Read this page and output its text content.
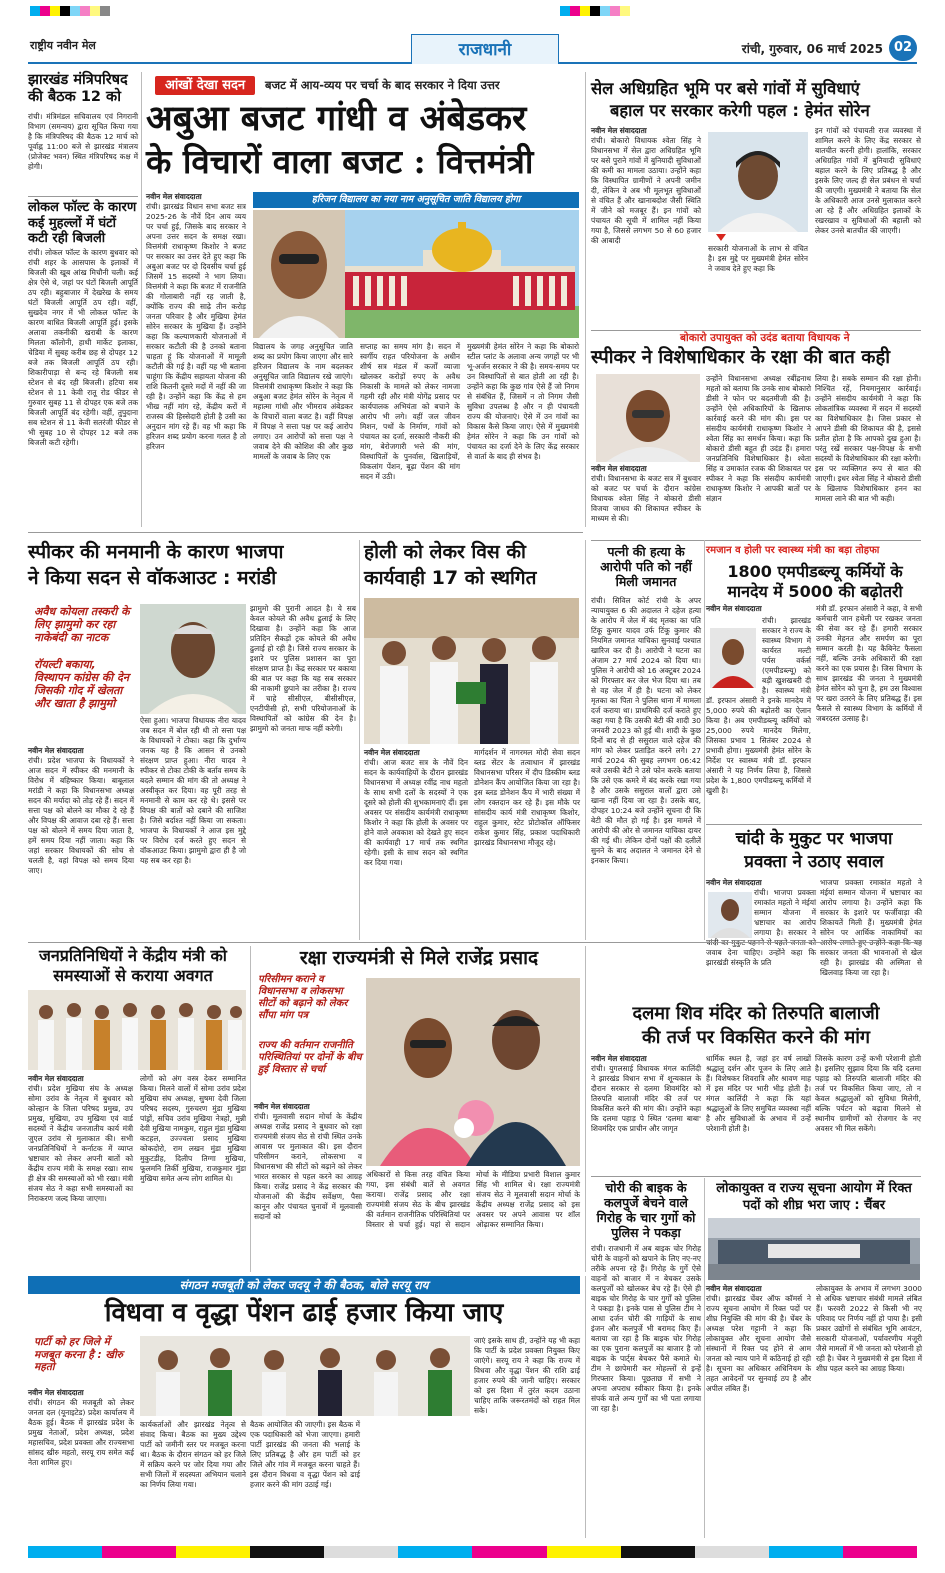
राष्ट्रीय नवीन मेल	राजधानी	रांची, गुरुवार, 06 मार्च 2025 02
झारखंड मंत्रिपरिषद की बैठक 12 को
रांची। मंत्रिमंडल सचिवालय एवं निगरानी विभाग (समन्वय) द्वारा सूचित किया गया है कि मंत्रिपरिषद की बैठक 12 मार्च को पूर्वाह्न 11:00 बजे से झारखंड मंत्रालय (प्रोजेक्ट भवन) स्थित मंत्रिपरिषद कक्ष में होगी।
लोकल फॉल्ट के कारण कई मुहल्लों में घंटों कटी रही बिजली
रांची। लोकल फॉल्ट के कारण बुधवार को रांची शहर के आसपास के इलाकों में बिजली की खूब आंख मिचौनी चली। कई क्षेत्र ऐसे थे, जहां पर घंटों बिजली आपूर्ति ठप रही। बहुबाजार में देखरेख के समय घंटों बिजली आपूर्ति ठप रही। वहीं, सुखदेव नगर में भी लोकल फॉल्ट के कारण बाधित बिजली आपूर्ति हुई। इसके अलावा तकनीकी खराबी के कारण मिलता कॉलोनी, हाथी मार्केट इलाका, चेडिया में सुबह करीब छह से दोपहर 12 बजे तक बिजली आपूर्ति ठप रही। शिकारीपाड़ा से बन्द रहे बिजली सब स्टेशन से बंद रही बिजली। हटिया सब स्टेशन से 11 केवी रातू रोड फीडर से गुरुवार सुबह 11 से दोपहर एक बजे तक बिजली आपूर्ति बंद रहेगी। वहीं, तुपुदाना सब स्टेशन से 11 केवी सतरंजी फीडर से भी सुबह 10 से दोपहर 12 बजे तक बिजली कटी रहेगी।
आंखों देखा सदन	बजट में आय-व्यय पर चर्चा के बाद सरकार ने दिया उत्तर
अबुआ बजट गांधी व अंबेडकर
के विचारों वाला बजट : वित्तमंत्री
नवीन मेल संवाददाता
रांची। झारखंड विधान सभा बजट सत्र 2025-26 के नौवें दिन आय व्यय पर चर्चा हुई, जिसके बाद सरकार ने अपना उत्तर सदन के समक्ष रखा। वित्तमंत्री राधाकृष्ण किशोर ने बजट पर सरकार का उत्तर देते हुए कहा कि अबुआ बजट पर दो दिवसीय चर्चा हुई जिसमें 15 सदस्यों ने भाग लिया। वित्तमंत्री ने कहा कि बजट में राजनीति की गोलाबारी नहीं रह जाती है, क्योंकि राज्य की साढ़े तीन करोड़ जनता परिवार है और मुखिया हेमंत सोरेन सरकार के मुखिया हैं। उन्होंने कहा कि कल्याणकारी योजनाओं में सरकार कटौती की है उनको बताना चाहता हूं कि योजनाओं में मामूली कटौती की गई है। वहीं यह भी बताना चाहूंगा कि केंद्रीय सहायता योजना की राशि कितनी दूसरे मदों में नहीं की जा रही है। उन्होंने कहा कि केंद्र से हम भीख नहीं मांग रहे, केंद्रीय करों में राजस्व की हिस्सेदारी होती है उसी का अनुदान मांग रहे हैं। वह भी कहा कि हरिजन शब्द प्रयोग करना गलत है तो हरिजन
हरिजन विद्यालय का नया नाम अनुसूचित जाति विद्यालय होगा
विद्यालय के जगह अनुसूचित जाति शब्द का प्रयोग किया जाएगा और सारे हरिजन विद्यालय के नाम बदलकर अनुसूचित जाति विद्यालय रखे जाएंगे। वित्तमंत्री राधाकृष्ण किशोर ने कहा कि अबुआ बजट हेमंत सोरेन के नेतृत्व में महात्मा गांधी और भीमराव अंबेडकर के विचारों वाला बजट है। वहीं विपक्ष में विपक्ष ने सत्ता पक्ष पर कई आरोप लगाए। उन आरोपों को सत्ता पक्ष ने जवाब देने की कोशिश की और कुछ मामलों के जवाब के लिए एक
सप्ताह का समय मांग है। सदन में स्वर्गीय राहत परियोजना के अधीन शीर्ष सत्र मंडल में कर्जों व्याजा खोलकर करोड़ों रुपए के अवैध निकासी के मामले को लेकर नामजा गहमी रही और मंत्री योगेंद्र प्रसाद पर कार्यपालक अभियंता को बचाने के आरोप भी लगे। वहीं जल जीवन मिशन, पथों के निर्माण, गांवों को पंचायत का दर्जा, सरकारी नौकरी की मांग, बेरोजगारी भत्ते की मांग, विस्थापितों के पुनर्वास, खिलाड़ियों, विकलांग पेंशन, बूढ़ा पेंशन की मांग सदन में उठी।
मुख्यमंत्री हेमंत सोरेन ने कहा कि बोकारो स्टील प्लांट के अलावा अन्य जगहों पर भी भू-अर्जन सरकार ने की है। समय-समय पर उन विस्थापितों से बात होती आ रही है। उन्होंने कहा कि कुछ गांव ऐसे हैं जो निगम से संबंधित हैं, जिसमें न तो निगम जैसी सुविधा उपलब्ध है और न ही पंचायती राज्य की योजनाएं। ऐसे में उन गांवों का विकास कैसे किया जाए। ऐसे में मुख्यमंत्री हेमंत सोरेन ने कहा कि उन गांवों को पंचायत का दर्जा देने के लिए केंद्र सरकार से वार्ता के बाद ही संभव है।
सेल अधिग्रहित भूमि पर बसे गांवों में सुविधाएं
बहाल पर सरकार करेगी पहल : हेमंत सोरेन
नवीन मेल संवाददाता
रांची। बोकारो विधायक श्वेता सिंह ने विधानसभा में सेल द्वारा अधिग्रहित भूमि पर बसे पुराने गांवों में बुनियादी सुविधाओं की कमी का मामला उठाया। उन्होंने कहा कि विस्थापित ग्रामीणों ने अपनी जमीन दी, लेकिन वे अब भी मूलभूत सुविधाओं से वंचित हैं और खानाबदोश जैसी स्थिति में जीने को मजबूर हैं। इन गांवों को पंचायत की सूची में शामिल नहीं किया गया है, जिससे लगभग 50 से 60 हजार की आबादी
सरकारी योजनाओं के लाभ से वंचित है। इस मुद्दे पर मुख्यमंत्री हेमंत सोरेन ने जवाब देते हुए कहा कि
इन गांवों को पंचायती राज व्यवस्था में शामिल करने के लिए केंद्र सरकार से बातचीत करनी होगी। हालांकि, सरकार अधिग्रहित गांवों में बुनियादी सुविधाएं बहाल करने के लिए प्रतिबद्ध है और इसके लिए जल्द ही सेल प्रबंधन से चर्चा की जाएगी। मुख्यमंत्री ने बताया कि सेल के अधिकारी आज उनसे मुलाकात करने आ रहे हैं और अधिग्रहित इलाकों के रखरखाव व सुविधाओं की बहाली को लेकर उनसे बातचीत की जाएगी।
बोकारो उपायुक्त को उदंड बताया विधायक ने
स्पीकर ने विशेषाधिकार के रक्षा की बात कही
नवीन मेल संवाददाता
रांची। विधानसभा के बजट सत्र में बुधवार को बजट पर चर्चा के दौरान कांग्रेस विधायक श्वेता सिंह ने बोकारो डीसी विजया जाधव की शिकायत स्पीकर के माध्यम से की।
उन्होंने विधानसभा अध्यक्ष रबींद्रनाथ महतो को बताया कि उनके साथ बोकारो डीसी ने फोन पर बदतमीजी की है। उन्होंने ऐसे अधिकारियों के खिलाफ कार्रवाई करने की मांग की। इस पर संसदीय कार्यमंत्री राधाकृष्ण किशोर ने श्वेता सिंह का समर्थन किया। कहा कि बोकारो डीसी बहुत ही उदंड हैं। हमारा जनप्रतिनिधि विशेषाधिकार है। श्वेता सिंह व उमाकांत रजक की शिकायत पर स्पीकर ने कहा कि संसदीय कार्यमंत्री राधाकृष्ण किशोर ने आपकी बातों पर संज्ञान
लिया है। सबके सम्मान की रक्षा होनी। निश्चित रहें, नियमानुसार कार्रवाई। उन्होंने संसदीय कार्यमंत्री ने कहा कि लोकतांत्रिक व्यवस्था में सदन में सदस्यों का विशेषाधिकार है। जिस प्रकार से आपने डीसी की शिकायत की है, इससे प्रतीत होता है कि आपको दुख हुआ है। परंतु रखें सरकार पक्ष-विपक्ष के सभी सदस्यों के विशेषाधिकार की रक्षा करेगी। इस पर व्यक्तिगत रूप से बात की जाएगी। इधर श्वेता सिंह ने बोकारो डीसी के खिलाफ विशेषाधिकार हनन का मामला लाने की बात भी कही।
स्पीकर की मनमानी के कारण भाजपा
ने किया सदन से वॉकआउट : मरांडी
अवैध कोयला तस्करी के लिए झामुमो कर रहा नाकेबंदी का नाटक
रॉयल्टी बकाया, विस्थापन कांग्रेस की देन जिसकी गोद में खेलता और खाता है झामुमो
नवीन मेल संवाददाता
रांची। प्रदेश भाजपा के विधायकों ने आज सदन में स्पीकर की मनमानी के विरोध में बहिष्कार किया। बाबूलाल मरांडी ने कहा कि विधानसभा अध्यक्ष सदन की मर्यादा को तोड़ रहे हैं। सदन में सत्ता पक्ष को बोलने का मौका दे रहे हैं और विपक्ष की आवाज दबा रहे हैं। सत्ता पक्ष को बोलने में समय दिया जाता है, हमें समय दिया नहीं जाता। कहा कि जहां सरकार विधायकों की सोच से चलती है, वहां विपक्ष को समय दिया जाए।
ऐसा हुआ। भाजपा विधायक नीरा यादव जब सदन में बोल रही थी तो सत्ता पक्ष के विधायकों ने टोका। कहा कि दुर्भाग्य जनक यह है कि आसन से उनको संरक्षण प्राप्त हुआ। नीरा यादव ने स्पीकर से टोका टोकी के बर्ताव समय के बदले सम्मान की मांग की तो अध्यक्ष ने अस्वीकृत कर दिया। वह पूरी तरह से मनमानी से काम कर रहे थे। इससे पर विपक्ष की बातों को दबाने की साजिश है। जिसे बर्दाश्त नहीं किया जा सकता। भाजपा के विधायकों ने आज इस मुद्दे पर विरोध दर्ज करते हुए सदन से वॉकआउट किया। झामुमो द्वारा ही है जो यह सब कर रहा है।
झामुमो की पुरानी आदत है। ये सब केवल कोयले की अवैध ढुलाई के लिए दिखावा है। उन्होंने कहा कि आज प्रतिदिन सैकड़ों ट्रक कोयले की अवैध ढुलाई हो रही है। जिसे राज्य सरकार के इशारे पर पुलिस प्रशासन का पूरा संरक्षण प्राप्त है। केंद्र सरकार पर बकाया की बात पर कहा कि यह सब सरकार की नाकामी छुपाने का तरीका है। राज्य में चाहे सीसीएल, बीसीसीएल, एनटीपीसी हो, सभी परियोजनाओं के विस्थापितों को कांग्रेस की देन है। झामुमो को जनता माफ नहीं करेगी।
होली को लेकर विस की
कार्यवाही 17 को स्थगित
नवीन मेल संवाददाता
रांची। आज बजट सत्र के नौवें दिन सदन के कार्यवाहियों के दौरान झारखंड विधानसभा में अध्यक्ष रवींद्र नाथ महतो के साथ सभी दलों के सदस्यों ने एक दूसरे को होली की शुभकामनाएं दीं। इस अवसर पर संसदीय कार्यमंत्री राधाकृष्ण किशोर ने कहा कि होली के अवसर पर होने वाले अवकाश को देखते हुए सदन की कार्यवाही 17 मार्च तक स्थगित रहेगी। इसी के साथ सदन को स्थगित कर दिया गया।
मार्गदर्शन में नागरमल मोदी सेवा सदन ब्लड सेंटर के तत्वाधान में झारखंड विधानसभा परिसर में दीप डिस्कीम ब्लड डोनेशन कैंप आयोजित किया जा रहा है। इस ब्लड डोनेशन कैंप में भारी संख्या में लोग रक्तदान कर रहे हैं। इस मौके पर सांसदीय कार्य मंत्री राधाकृष्ण किशोर, राहुल कुमार, स्टेट प्रोटोकॉल ऑफिसर राकेश कुमार सिंह, प्रकाश पदाधिकारी झारखंड विधानसभा मौजूद रहे।
पत्नी की हत्या के आरोपी पति को नहीं मिली जमानत
रांची। सिविल कोर्ट रांची के अपर न्यायायुक्त 6 की अदालत ने दहेज हत्या के आरोप में जेल में बंद मृतका का पति टिंकू कुमार यादव उर्फ टिंकू कुमार की नियमित जमानत याचिका सुनवाई पश्चात खारिज कर दी है। आरोपी ने घटना का अंजाम 27 मार्च 2024 को दिया था। पुलिस ने आरोपी को 16 अक्टूबर 2024 को गिरफ्तार कर जेल भेज दिया था। तब से वह जेल में ही है। घटना को लेकर मृतका का पिता ने पुलिस थाना में मामला दर्ज कराया था। प्राथमिकी दर्ज कराते हुए कहा गया है कि उसकी बेटी की शादी 30 जनवरी 2023 को हुई थी। शादी के कुछ दिनों बाद से ही ससुराल वाले दहेज की मांग को लेकर प्रताड़ित करने लगे। 27 मार्च 2024 की सुबह लगभग 06:42 बजे उसकी बेटी ने उसे फोन करके बताया कि उसे एक कमरे में बंद करके रखा गया है और उसके ससुराल वालों द्वारा उसे खाना नहीं दिया जा रहा है। उसके बाद, दोपहर 10:24 बजे उन्होंने सूचना दी कि बेटी की मौत हो गई है। इस मामले में आरोपी की ओर से जमानत याचिका दायर की गई थी। लेकिन दोनों पक्षों की दलीलें सुनने के बाद अदालत ने जमानत देने से इनकार किया।
रमजान व होली पर स्वास्थ्य मंत्री का बड़ा तोहफा
1800 एमपीडब्ल्यू कर्मियों के मानदेय में 5000 की बढ़ोतरी
नवीन मेल संवाददाता
रांची। झारखंड सरकार ने राज्य के स्वास्थ्य विभाग में कार्यरत मल्टी पर्पस वर्कर्स (एमपीडब्ल्यू) को बड़ी खुशखबरी दी है। स्वास्थ्य मंत्री डॉ. इरफान अंसारी ने इनके मानदेय में 5,000 रुपये की बढ़ोतरी का ऐलान किया है। अब एमपीडब्ल्यू कर्मियों को 25,000 रुपये मानदेय मिलेगा, जिसका प्रभाव 1 सितंबर 2024 से प्रभावी होगा। मुख्यमंत्री हेमंत सोरेन के निर्देश पर स्वास्थ्य मंत्री डॉ. इरफान अंसारी ने यह निर्णय लिया है, जिससे प्रदेश के 1,800 एमपीडब्ल्यू कर्मियों में खुशी है।
मंत्री डॉ. इरफान अंसारी ने कहा, वे सभी कर्मचारी जान हथेली पर रखकर जनता की सेवा कर रहे हैं। हमारी सरकार उनकी मेहनत और समर्पण का पूरा सम्मान करती है। यह कैबिनेट फैसला नहीं, बल्कि उनके अधिकारों की रक्षा करने का एक प्रयास है। जिस विभाग के साथ झारखंड की जनता ने मुख्यमंत्री हेमंत सोरेन को चुना है, हम उस विश्वास पर खरा उतरने के लिए प्रतिबद्ध हैं। इस फैसले से स्वास्थ्य विभाग के कर्मियों में जबरदस्त उत्साह है।
चांदी के मुकुट पर भाजपा
प्रवक्ता ने उठाए सवाल
नवीन मेल संवाददाता
रांची। भाजपा प्रवक्ता रमाकांत महतो ने मंईयां सम्मान योजना में भ्रष्टाचार का आरोप लगाया है। सरकार ने जवाब देना चाहिए। उन्होंने कहा कि झारखंडी संस्कृति के प्रति
भाजपा प्रवक्ता रमाकांत महतो ने मंईयां सम्मान योजना में भ्रष्टाचार का आरोप लगाया है। उन्होंने कहा कि सरकार के इशारे पर फर्जीवाड़ा की शिकायतें मिली हैं। मुख्यमंत्री हेमंत सोरेन पर आर्थिक नाकामियों का सरकार जनता की भावनाओं से खेल रही है। झारखंड की अस्मिता से खिलवाड़ किया जा रहा है।
जनप्रतिनिधियों ने केंद्रीय मंत्री को समस्याओं से कराया अवगत
नवीन मेल संवाददाता
रांची। प्रदेश मुखिया संघ के अध्यक्ष सोमा उरांव के नेतृत्व में बुधवार को कोल्हान के जिला परिषद प्रमुख, उप प्रमुख, मुखिया, उप मुखिया एवं वार्ड सदस्यों ने केंद्रीय जनजातीय कार्य मंत्री जुएल उरांव से मुलाकात की। सभी जनप्रतिनिधियों ने कर्नाटक में व्याप्त भ्रष्टाचार को लेकर अपनी बातों को केंद्रीय राज्य मंत्री के समक्ष रखा। साथ ही क्षेत्र की समस्याओं को भी रखा। मंत्री संजय सेठ ने कहा सभी समस्याओं का निराकरण जल्द किया जाएगा।
लोगों को अंग वस्त्र देकर सम्मानित किया। मिलने वालों में सोमा उरांव प्रदेश मुखिया संघ अध्यक्ष, सुषमा देवी जिला परिषद सदस्य, गुरुचरण मुंडा मुखिया पांड्रों, सचिव उरांव मुखिया नेत्रहो, मुन्नी देवी मुखिया नामकुम, राहुल मुंडा मुखिया कटहल, उज्ज्वला प्रसाद मुखिया कोकदोरो, राम लखन मुंडा मुखिया मुकुटडीह, दिलीप तिग्गा मुखिया, फूलमनि तिर्की मुखिया, राजकुमार मुंडा मुखिया समेत अन्य लोग शामिल थे।
रक्षा राज्यमंत्री से मिले राजेंद्र प्रसाद
परिसीमन कराने व विधानसभा व लोकसभा सीटों को बढ़ाने को लेकर सौंपा मांग पत्र
राज्य की वर्तमान राजनीति परिस्थितियां पर दोनों के बीच हुई विस्तार से चर्चा
नवीन मेल संवाददाता
रांची। मूलवासी सदान मोर्चा के केंद्रीय अध्यक्ष राजेंद्र प्रसाद ने बुधवार को रक्षा राज्यमंत्री संजय सेठ से रांची स्थित उनके आवास पर मुलाकात की। इस दौरान परिसीमन कराने, लोकसभा व विधानसभा की सीटों को बढ़ाने को लेकर भारत सरकार से पहल करने का आग्रह किया। राजेंद्र प्रसाद ने केंद्र सरकार की योजनाओं की केंद्रीय सर्वेक्षण, पैसा कानून और पंचायत चुनावों में मूलवासी सदानों को
अधिकारों से किस तरह वंचित किया गया, इस संबंधी बातें से अवगत कराया। राजेंद्र प्रसाद और रक्षा राज्यमंत्री संजय सेठ के बीच झारखंड की वर्तमान राजनीतिक परिस्थितियां पर विस्तार से चर्चा हुई। यहां से सदान मोर्चा के मीडिया प्रभारी विशाल कुमार सिंह भी शामिल थे। रक्षा राज्यमंत्री संजय सेठ ने मूलवासी सदान मोर्चा के केंद्रीय अध्यक्ष राजेंद्र प्रसाद को इस अवसर पर अपने आवास पर शॉल ओढ़ाकर सम्मानित किया।
दलमा शिव मंदिर को तिरुपति बालाजी
की तर्ज पर विकसित करने की मांग
नवीन मेल संवाददाता
रांची। युगलसाई विधायक मंगल कालिंदी ने झारखंड विधान सभा में शून्यकाल के दौरान सरकार से दलमा शिवमंदिर को तिरुपति बालाजी मंदिर की तर्ज पर विकसित करने की मांग की। उन्होंने कहा कि दलमा पहाड़ पे स्थित 'दलमा बाबा' शिवमंदिर एक प्राचीन और जागृत
धार्मिक स्थल है, जहां हर वर्ष लाखों श्रद्धालु दर्शन और पूजन के लिए आते हैं। विशेषकर शिवरात्रि और श्रावण माह में इस मंदिर पर भारी भीड़ होती है। मंगल कालिंदी ने कहा कि यहां श्रद्धालुओं के लिए समुचित व्यवस्था नहीं है और सुविधाओं के अभाव में उन्हें परेशानी होती है।
जिसके कारण उन्हें कभी परेशानी होती है। इसलिए सुझाव दिया कि यदि दलमा पहाड़ को तिरुपति बालाजी मंदिर की तर्ज पर विकसित किया जाए, तो न केवल श्रद्धालुओं को सुविधा मिलेगी, बल्कि पर्यटन को बढ़ावा मिलने से स्थानीय ग्रामीणों को रोजगार के नए अवसर भी मिल सकेंगे।
चोरी की बाइक के कलपुर्जे बेचने वाले गिरोह के चार गुर्गो को पुलिस ने पकड़ा
रांची। राजधानी में अब बाइक चोर गिरोह चोरी के वाहनों को खपाने के लिए नए-नए तरीके अपना रहे हैं। गिरोह के गुर्गे ऐसे वाहनों को बाजार में न बेचकर उसके कलपुर्जों को खोलकर बेच रहे हैं। ऐसे ही बाइक चोर गिरोह के चार गुर्गों को पुलिस ने पकड़ा है। इनके पास से पुलिस टीम ने आधा दर्जन चोरी की गाड़ियों के साथ इंजन और कलपुर्जे भी बरामद किए हैं। बताया जा रहा है कि बाइक चोर गिरोह का एक पुराना कलपुर्जे का बाजार है जो बाइक के पार्ट्स बेचकर पैसे कमाते थे। टीम ने छापेमारी कर मोहल्लों से इन्हें गिरफ्तार किया। पूछताछ में सभी ने अपना अपराध स्वीकार किया है। इनके संपर्क वाले अन्य गुर्गों का भी पता लगाया जा रहा है।
लोकायुक्त व राज्य सूचना आयोग में रिक्त पदों को शीघ्र भरा जाए : चैंबर
नवीन मेल संवाददाता
रांची। झारखंड चेंबर ऑफ कॉमर्स ने राज्य सूचना आयोग में रिक्त पदों पर शीघ्र नियुक्ति की मांग की है। चेंबर के अध्यक्ष परेश गट्टानी ने कहा कि लोकायुक्त और सूचना आयोग जैसे संस्थानों में रिक्त पद होने से आम जनता को न्याय पाने में कठिनाई हो रही है। सूचना का अधिकार अधिनियम के तहत आवेदनों पर सुनवाई ठप है और अपील लंबित हैं।
लोकायुक्त के अभाव में लगभग 3000 से अधिक भ्रष्टाचार संबंधी मामले लंबित हैं। फरवरी 2022 से किसी भी नए परिवाद पर निर्णय नहीं हो पाया है। इसी प्रकार उद्योगों से संबंधित भूमि आवंटन, सरकारी योजनाओं, पर्यावरणीय मंजूरी जैसे मामलों में भी जनता को परेशानी हो रही है। चेंबर ने मुख्यमंत्री से इस दिशा में शीघ्र पहल करने का आग्रह किया।
संगठन मजबूती को लेकर जदयू ने की बैठक, बोले सरयू राय
विधवा व वृद्धा पेंशन ढाई हजार किया जाए
पार्टी को हर जिले में मजबूत करना है : खीरु महतो
नवीन मेल संवाददाता
रांची। संगठन की मजबूती को लेकर जनता दल (यूनाइटेड) प्रदेश कार्यालय में बैठक हुई। बैठक में झारखंड प्रदेश के प्रमुख नेताओं, प्रदेश अध्यक्ष, प्रदेश महासचिव, प्रदेश प्रवक्ता और राज्यसभा सांसद खीरु महतो, सरयू राय समेत कई नेता शामिल हुए।
कार्यकर्ताओं और झारखंड नेतृत्व से संवाद किया। बैठक का मुख्य उद्देश्य पार्टी को जमीनी स्तर पर मजबूत करना था। बैठक के दौरान संगठन को हर जिले में सक्रिय करने पर जोर दिया गया और सभी जिलों में सदस्यता अभियान चलाने का निर्णय लिया गया।
बैठक आयोजित की जाएगी। इस बैठक में एक पदाधिकारी को भेजा जाएगा। हमारी पार्टी झारखंड की जनता की भलाई के लिए प्रतिबद्ध है और हम पार्टी को हर जिले और गांव में मजबूत करना चाहते हैं। इस दौरान विधवा व वृद्धा पेंशन को ढाई हजार करने की मांग उठाई गई।
जाएं इसके साथ ही, उन्होंने यह भी कहा कि पार्टी के प्रदेश प्रवक्ता नियुक्त किए जाएंगे। सरयू राय ने कहा कि राज्य में विधवा और वृद्धा पेंशन की राशि ढाई हजार रुपये की जानी चाहिए। सरकार को इस दिशा में तुरंत कदम उठाना चाहिए ताकि जरूरतमंदों को राहत मिल सके।
